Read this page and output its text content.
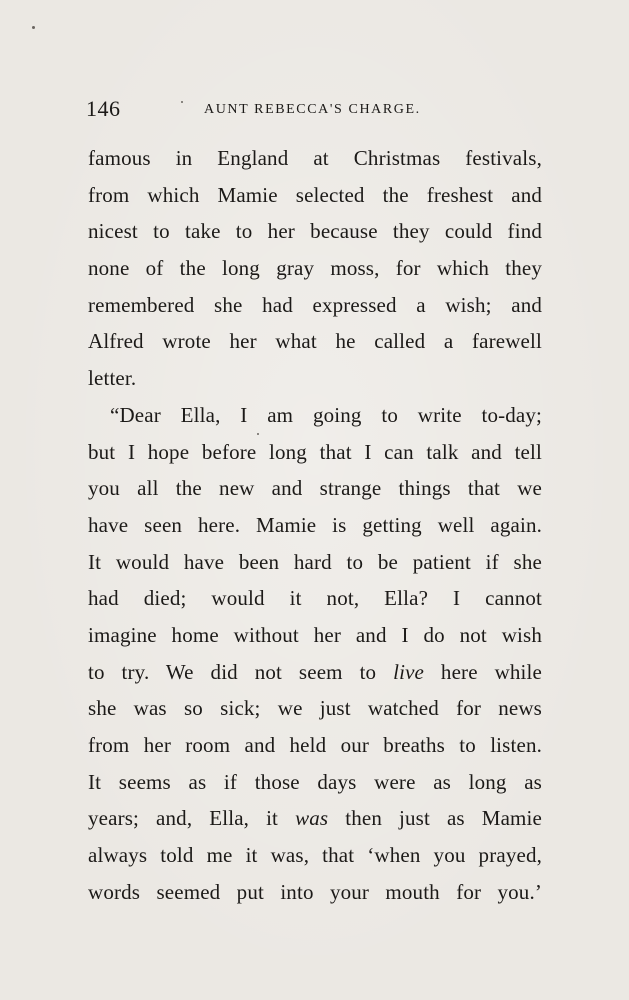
146	AUNT REBECCA'S CHARGE.
famous in England at Christmas festivals,
from which Mamie selected the freshest and
nicest to take to her because they could find
none of the long gray moss, for which they
remembered she had expressed a wish; and
Alfred wrote her what he called a farewell
letter.
“Dear Ella, I am going to write to-day;
but I hope before long that I can talk and tell
you all the new and strange things that we
have seen here. Mamie is getting well again.
It would have been hard to be patient if she
had died; would it not, Ella? I cannot
imagine home without her and I do not wish
to try. We did not seem to live here while
she was so sick; we just watched for news
from her room and held our breaths to listen.
It seems as if those days were as long as
years; and, Ella, it was then just as Mamie
always told me it was, that ‘when you prayed,
words seemed put into your mouth for you.’
